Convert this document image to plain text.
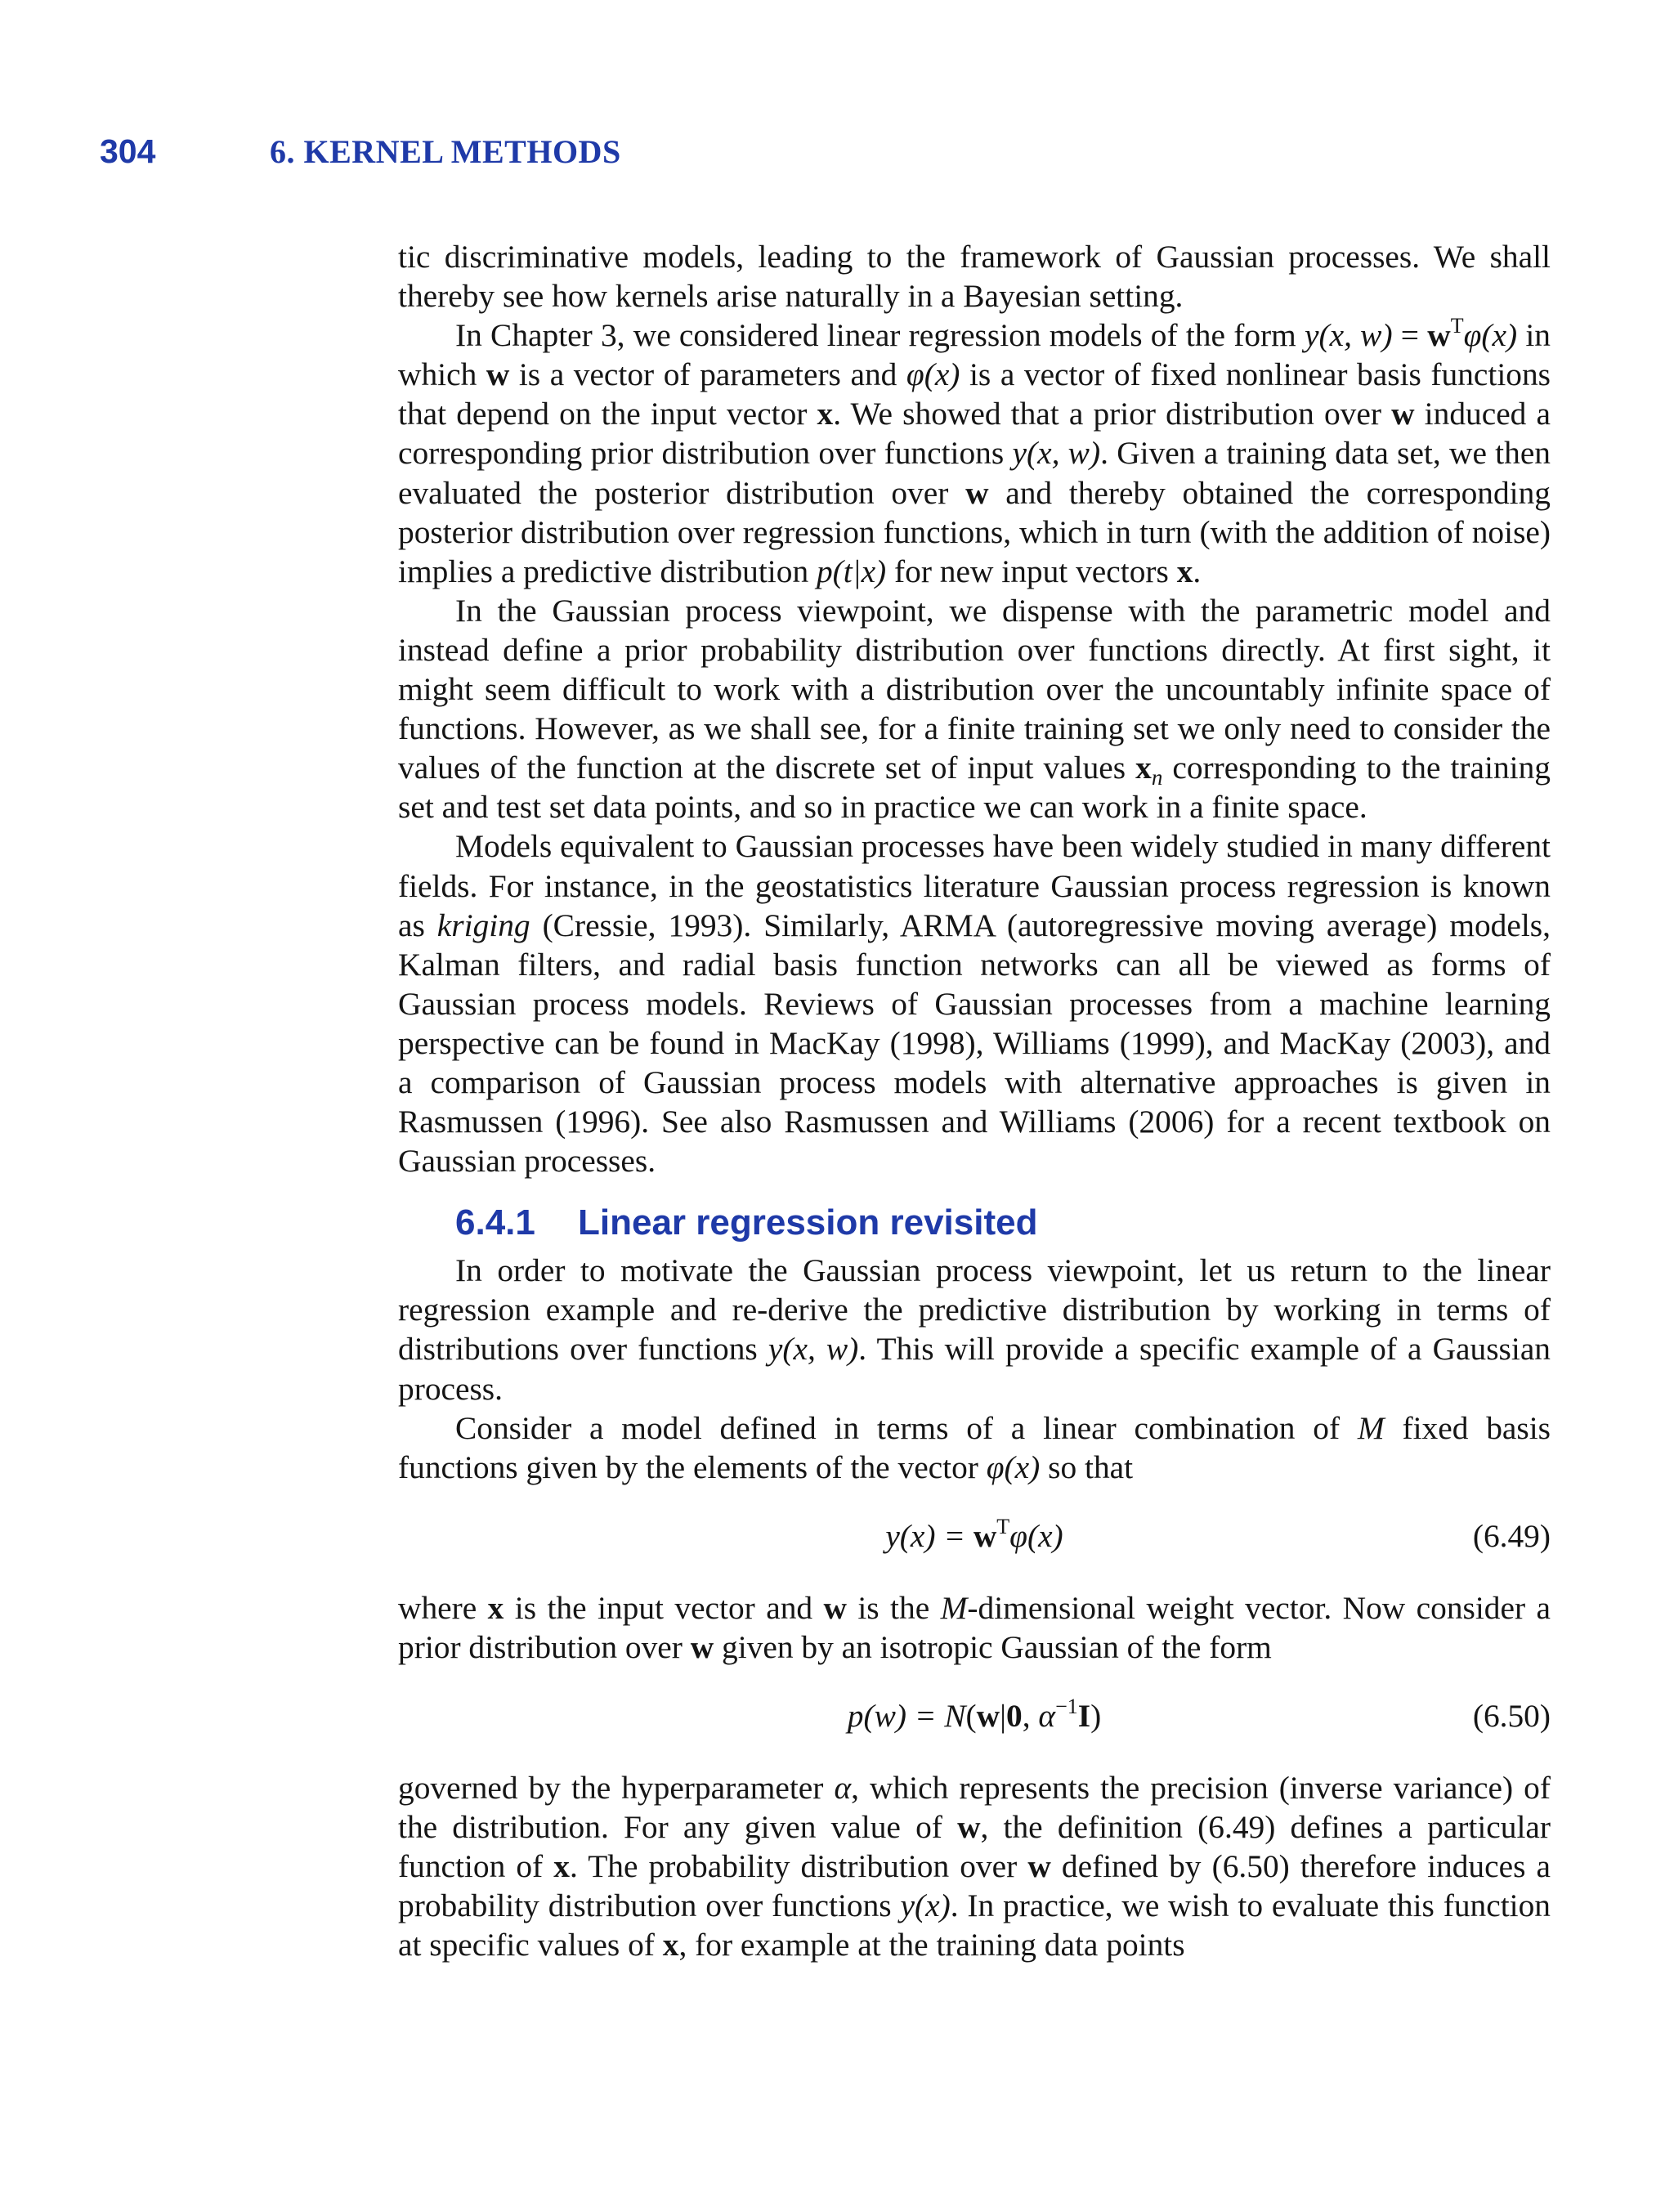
304	6. KERNEL METHODS

tic discriminative models, leading to the framework of Gaussian processes. We shall thereby see how kernels arise naturally in a Bayesian setting.

In Chapter 3, we considered linear regression models of the form y(x, $w) = w^T\varphi(x)$ in which w is a vector of parameters and φ(x) is a vector of fixed nonlinear basis functions that depend on the input vector x. We showed that a prior distribution over w induced a corresponding prior distribution over functions y(x, w). Given a training data set, we then evaluated the posterior distribution over w and thereby obtained the corresponding posterior distribution over regression functions, which in turn (with the addition of noise) implies a predictive distribution p(t|x) for new input vectors x.

In the Gaussian process viewpoint, we dispense with the parametric model and instead define a prior probability distribution over functions directly. At first sight, it might seem difficult to work with a distribution over the uncountably infinite space of functions. However, as we shall see, for a finite training set we only need to consider the values of the function at the discrete set of input values $x_n$ corresponding to the training set and test set data points, and so in practice we can work in a finite space.

Models equivalent to Gaussian processes have been widely studied in many different fields. For instance, in the geostatistics literature Gaussian process regression is known as kriging (Cressie, 1993). Similarly, ARMA (autoregressive moving average) models, Kalman filters, and radial basis function networks can all be viewed as forms of Gaussian process models. Reviews of Gaussian processes from a machine learning perspective can be found in MacKay (1998), Williams (1999), and MacKay (2003), and a comparison of Gaussian process models with alternative approaches is given in Rasmussen (1996). See also Rasmussen and Williams (2006) for a recent textbook on Gaussian processes.

6.4.1 Linear regression revisited

In order to motivate the Gaussian process viewpoint, let us return to the linear regression example and re-derive the predictive distribution by working in terms of distributions over functions y(x, w). This will provide a specific example of a Gaussian process.

Consider a model defined in terms of a linear combination of M fixed basis functions given by the elements of the vector φ(x) so that

$y(x) = w^T\varphi(x)$	(6.49)

where x is the input vector and w is the M-dimensional weight vector. Now consider a prior distribution over w given by an isotropic Gaussian of the form

p(w) = N(w|0, $\alpha^{-1}I$)	(6.50)

governed by the hyperparameter α, which represents the precision (inverse variance) of the distribution. For any given value of w, the definition (6.49) defines a particular function of x. The probability distribution over w defined by (6.50) therefore induces a probability distribution over functions y(x). In practice, we wish to evaluate this function at specific values of x, for example at the training data points
